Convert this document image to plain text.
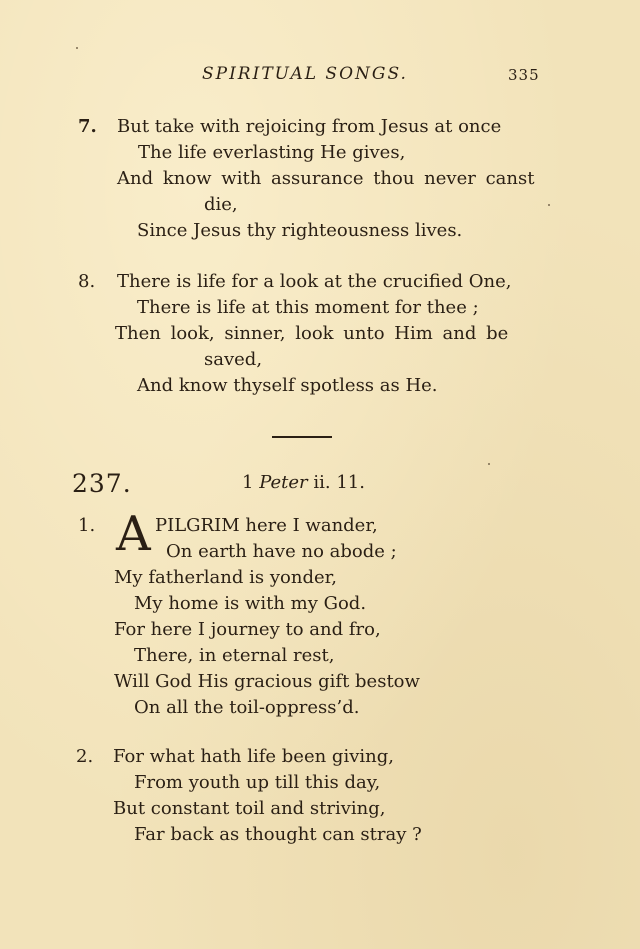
SPIRITUAL SONGS.	335
7. But take with rejoicing from Jesus at once
The life everlasting He gives,
And know with assurance thou never canst
die,
Since Jesus thy righteousness lives.
8. There is life for a look at the crucified One,
There is life at this moment for thee ;
Then look, sinner, look unto Him and be
saved,
And know thyself spotless as He.
237.	1 Peter ii. 11.
1. A PILGRIM here I wander,
On earth have no abode ;
My fatherland is yonder,
My home is with my God.
For here I journey to and fro,
There, in eternal rest,
Will God His gracious gift bestow
On all the toil-oppress’d.
2. For what hath life been giving,
From youth up till this day,
But constant toil and striving,
Far back as thought can stray ?
